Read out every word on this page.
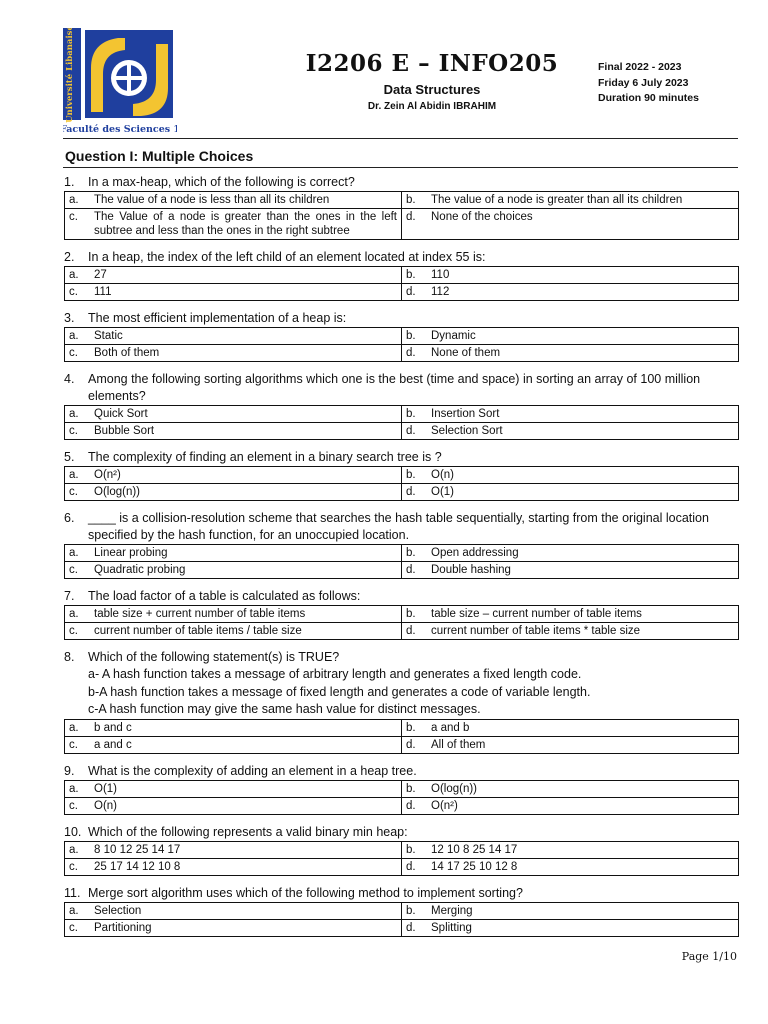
Université Libanaise
Faculté des Sciences 1
I2206 E – INFO205
Data Structures
Dr. Zein Al Abidin IBRAHIM
Final 2022 - 2023
Friday 6 July 2023
Duration 90 minutes
Question I: Multiple Choices
1. In a max-heap, which of the following is correct?
a. The value of a node is less than all its children	b. The value of a node is greater than all its children

c. The Value of a node is greater than the ones in the left subtree and less than the ones in the right subtree	d. None of the choices
2. In a heap, the index of the left child of an element located at index 55 is:
a. 27	b. 110

c. 111	d. 112
3. The most efficient implementation of a heap is:
a. Static	b. Dynamic

c. Both of them	d. None of them
4. Among the following sorting algorithms which one is the best (time and space) in sorting an array of 100 million elements?
a. Quick Sort	b. Insertion Sort

c. Bubble Sort	d. Selection Sort
5. The complexity of finding an element in a binary search tree is ?
a. O(n²)	b. O(n)

c. O(log(n))	d. O(1)
6. ____ is a collision-resolution scheme that searches the hash table sequentially, starting from the original location specified by the hash function, for an unoccupied location.
a. Linear probing	b. Open addressing

c. Quadratic probing	d. Double hashing
7. The load factor of a table is calculated as follows:
a. table size + current number of table items	b. table size – current number of table items

c. current number of table items / table size	d. current number of table items * table size
8. Which of the following statement(s) is TRUE?
a- A hash function takes a message of arbitrary length and generates a fixed length code.
b-A hash function takes a message of fixed length and generates a code of variable length.
c-A hash function may give the same hash value for distinct messages.
a. b and c	b. a and b

c. a and c	d. All of them
9. What is the complexity of adding an element in a heap tree.
a. O(1)	b. O(log(n))

c. O(n)	d. O(n²)
10. Which of the following represents a valid binary min heap:
a. 8 10 12 25 14 17	b. 12 10 8 25 14 17

c. 25 17 14 12 10 8	d. 14 17 25 10 12 8
11. Merge sort algorithm uses which of the following method to implement sorting?
a. Selection	b. Merging

c. Partitioning	d. Splitting
Page 1/10
